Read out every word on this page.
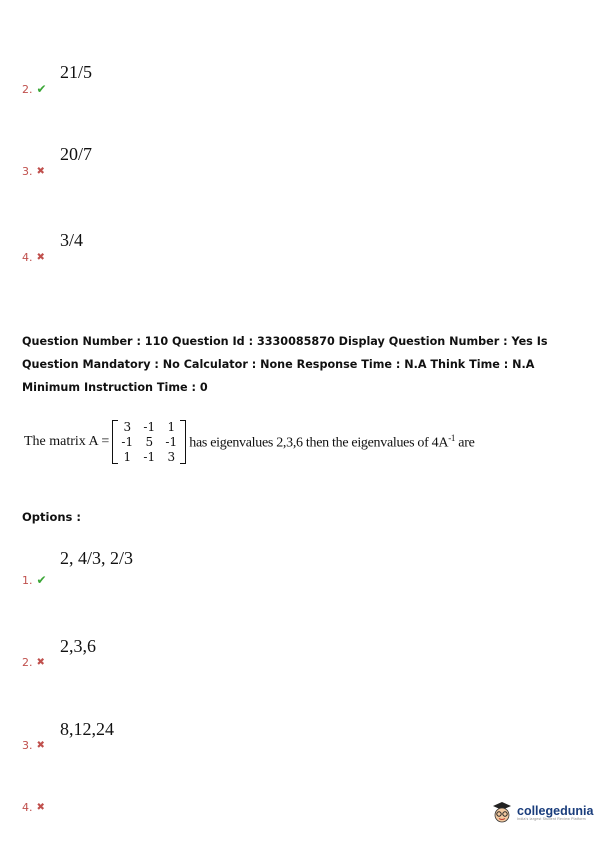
21/5
2. ✔
20/7
3. ✖
3/4
4. ✖
Question Number : 110 Question Id : 3330085870 Display Question Number : Yes Is Question Mandatory : No Calculator : None Response Time : N.A Think Time : N.A Minimum Instruction Time : 0
The matrix A =
3	-1	1
-1	5	-1
1	-1	3
has eigenvalues 2,3,6 then the eigenvalues of $4A^{-1}$ are
Options :
2, 4/3, 2/3
1. ✔
2,3,6
2. ✖
8,12,24
3. ✖
4. ✖	collegedunia
India's largest Student Review Platform
